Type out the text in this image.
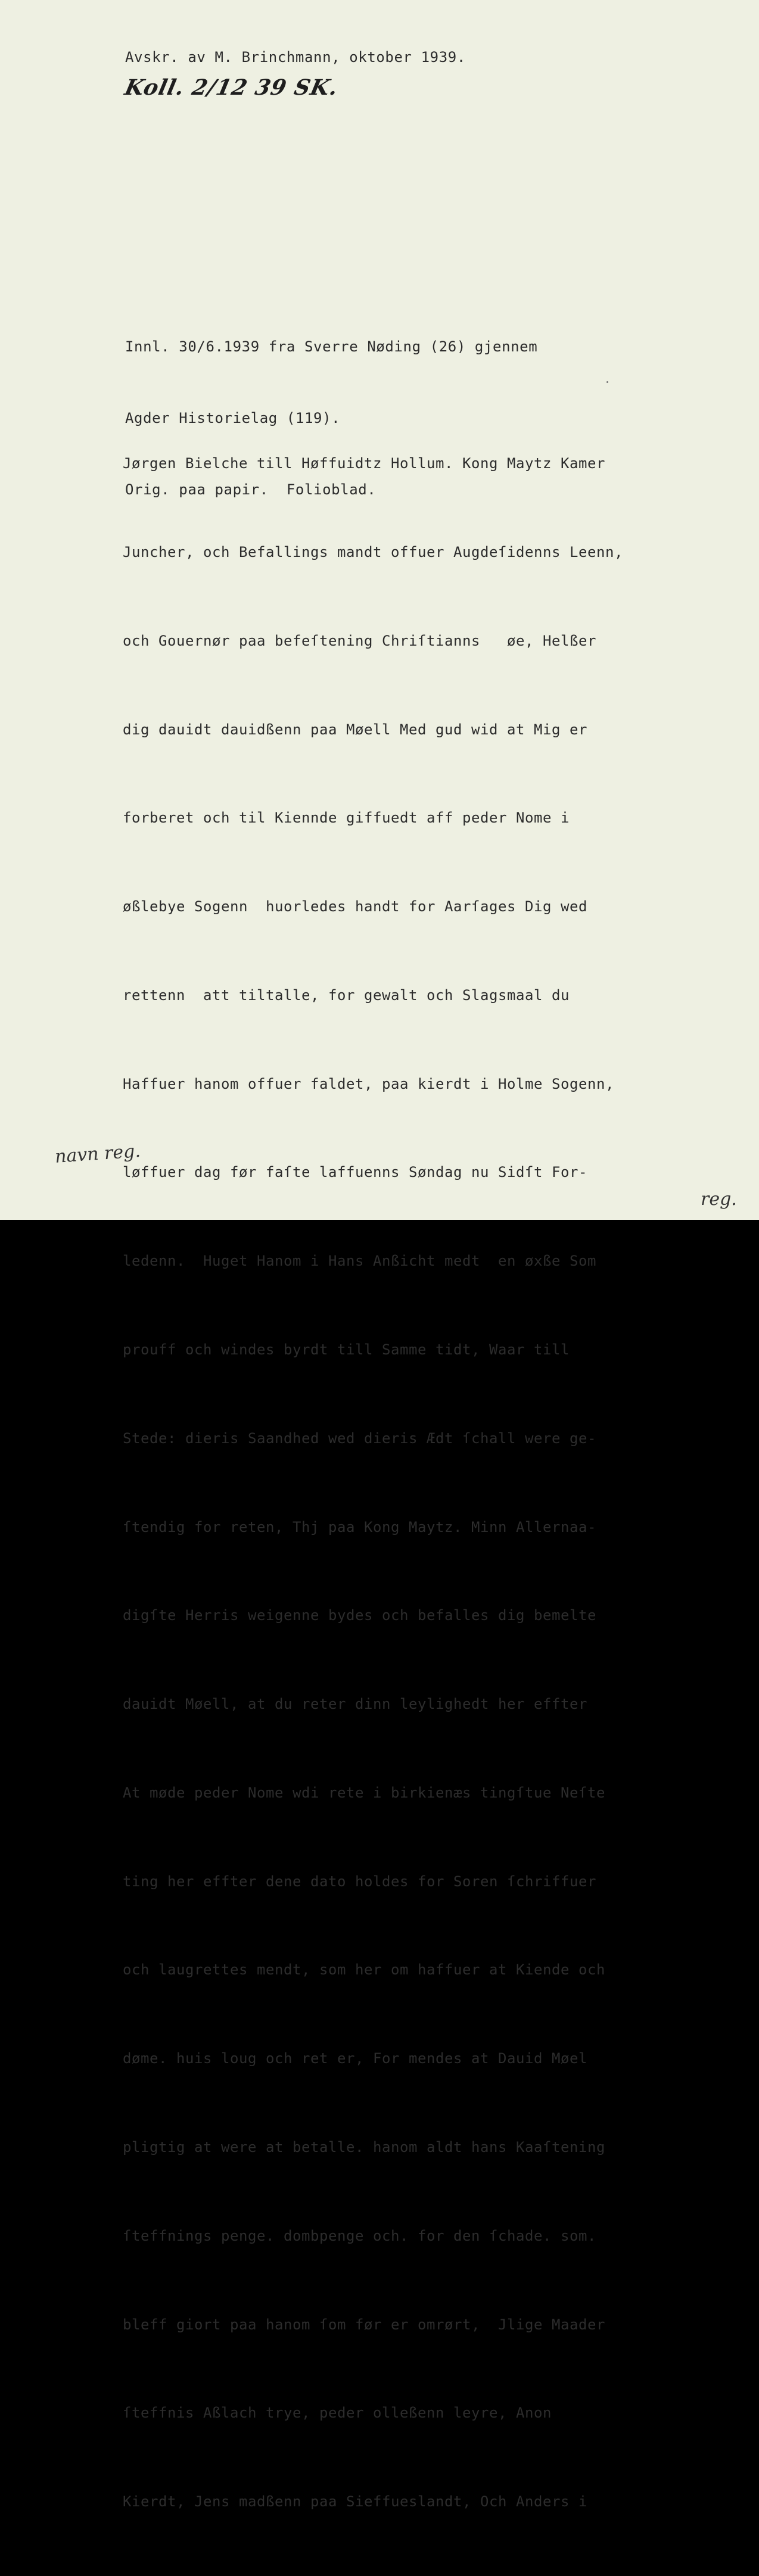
Avskr. av M. Brinchmann, oktober 1939.
Koll. 2/12 39 SK.

Innl. 30/6.1939 fra Sverre Nøding (26) gjennem

Agder Historielag (119).

Orig. paa papir.  Folioblad.

Jørgen Bielche till Høffuidtz Hollum. Kong Maytz Kamer

Juncher, och Befallings mandt offuer Augdeſidenns Leenn,

och Gouernør paa befeſtening Chriſtianns   øe, Helßer

dig dauidt dauidßenn paa Møell Med gud wid at Mig er

forberet och til Kiennde giffuedt aff peder Nome i

øßlebye Sogenn  huorledes handt for Aarſages Dig wed

rettenn  att tiltalle, for gewalt och Slagsmaal du

Haffuer hanom offuer faldet, paa kierdt i Holme Sogenn,

løffuer dag før faſte laffuenns Søndag nu Sidſt For-

ledenn.  Huget Hanom i Hans Anßicht medt  en øxße Som

prouff och windes byrdt till Samme tidt, Waar till

Stede: dieris Saandhed wed dieris Ædt ſchall were ge-

ſtendig for reten, Thj paa Kong Maytz. Minn Allernaa-

digſte Herris weigenne bydes och befalles dig bemelte

dauidt Møell, at du reter dinn leylighedt her effter

At møde peder Nome wdi rete i birkienæs tingſtue Neſte

ting her effter dene dato holdes for Soren ſchriffuer

och laugrettes mendt, som her om haffuer at Kiende och

døme. huis loug och ret er, For mendes at Dauid Møel

pligtig at were at betalle. hanom aldt hans Kaaſtening

ſteffnings penge. dombpenge och. for den ſchade. som.

bleff giort paa hanom ſom før er omrørt,  Jlige Maader

ſteffnis Aßlach trye, peder olleßenn leyre, Anon

Kierdt, Jens madßenn paa Sieffueslandt, Och Anders i

navn reg.
reg.
